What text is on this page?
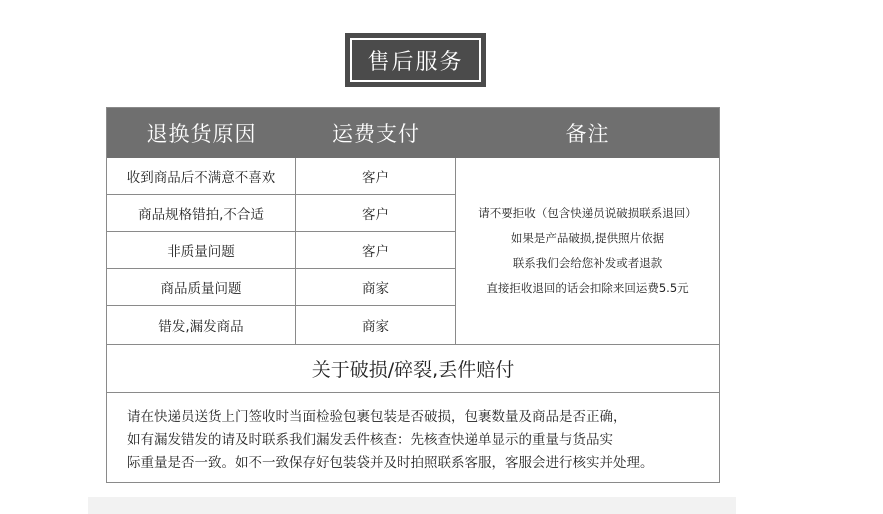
售后服务
退换货原因	运费支付	备注
收到商品后不满意不喜欢	客户
商品规格错拍,不合适	客户
非质量问题	客户
商品质量问题	商家
错发,漏发商品	商家
请不要拒收（包含快递员说破损联系退回）
如果是产品破损,提供照片依据
联系我们会给您补发或者退款
直接拒收退回的话会扣除来回运费5.5元
关于破损/碎裂,丢件赔付
请在快递员送货上门签收时当面检验包裹包装是否破损，包裹数量及商品是否正确，
如有漏发错发的请及时联系我们漏发丢件核查：先核查快递单显示的重量与货品实
际重量是否一致。如不一致保存好包装袋并及时拍照联系客服，客服会进行核实并处理。
